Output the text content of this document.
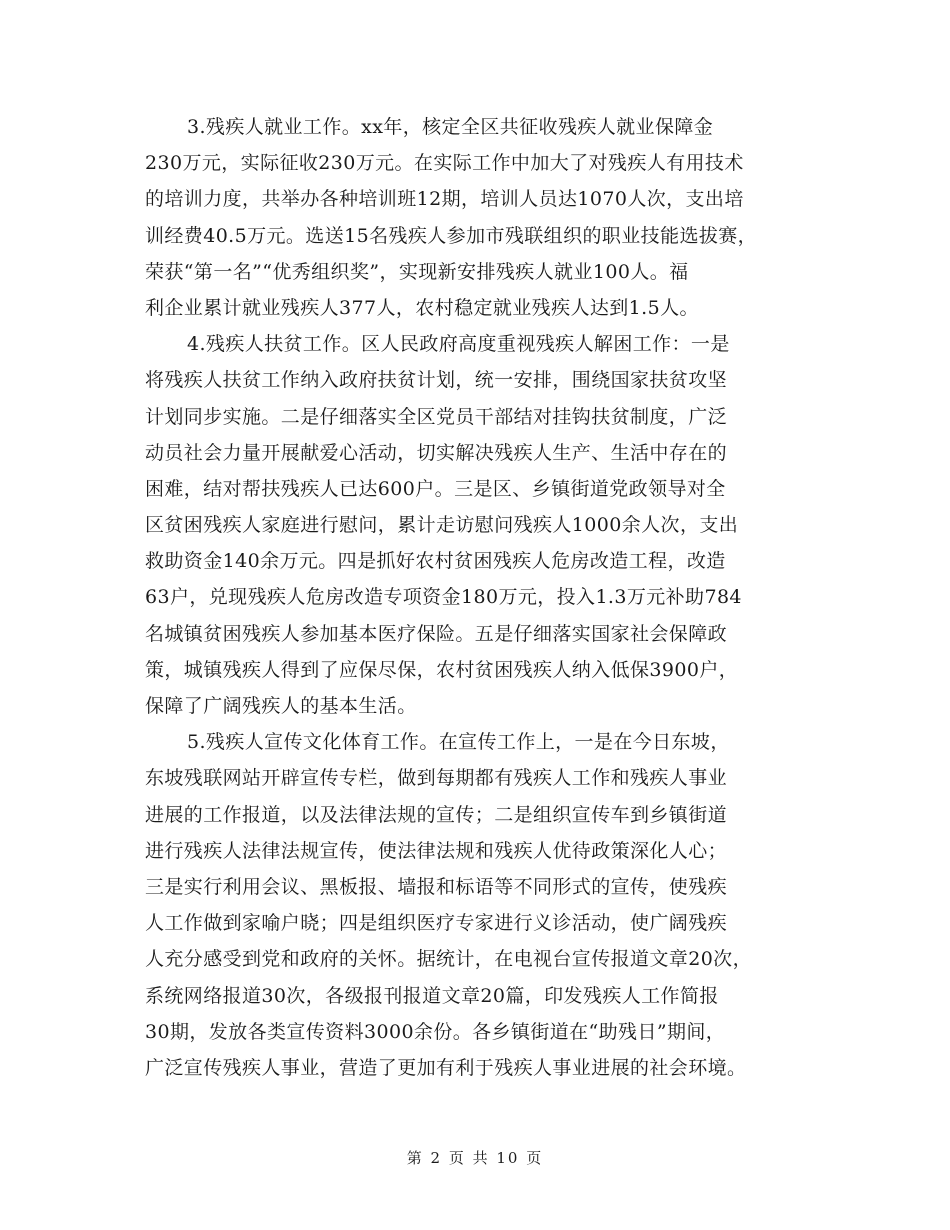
3.残疾人就业工作。xx年，核定全区共征收残疾人就业保障金
230万元，实际征收230万元。在实际工作中加大了对残疾人有用技术
的培训力度，共举办各种培训班12期，培训人员达1070人次，支出培
训经费40.5万元。选送15名残疾人参加市残联组织的职业技能选拔赛，
荣获“第一名”“优秀组织奖”，实现新安排残疾人就业100人。福
利企业累计就业残疾人377人，农村稳定就业残疾人达到1.5人。
4.残疾人扶贫工作。区人民政府高度重视残疾人解困工作：一是
将残疾人扶贫工作纳入政府扶贫计划，统一安排，围绕国家扶贫攻坚
计划同步实施。二是仔细落实全区党员干部结对挂钩扶贫制度，广泛
动员社会力量开展献爱心活动，切实解决残疾人生产、生活中存在的
困难，结对帮扶残疾人已达600户。三是区、乡镇街道党政领导对全
区贫困残疾人家庭进行慰问，累计走访慰问残疾人1000余人次，支出
救助资金140余万元。四是抓好农村贫困残疾人危房改造工程，改造
63户，兑现残疾人危房改造专项资金180万元，投入1.3万元补助784
名城镇贫困残疾人参加基本医疗保险。五是仔细落实国家社会保障政
策，城镇残疾人得到了应保尽保，农村贫困残疾人纳入低保3900户，
保障了广阔残疾人的基本生活。
5.残疾人宣传文化体育工作。在宣传工作上，一是在今日东坡，
东坡残联网站开辟宣传专栏，做到每期都有残疾人工作和残疾人事业
进展的工作报道，以及法律法规的宣传；二是组织宣传车到乡镇街道
进行残疾人法律法规宣传，使法律法规和残疾人优待政策深化人心；
三是实行利用会议、黑板报、墙报和标语等不同形式的宣传，使残疾
人工作做到家喻户晓；四是组织医疗专家进行义诊活动，使广阔残疾
人充分感受到党和政府的关怀。据统计，在电视台宣传报道文章20次，
系统网络报道30次，各级报刊报道文章20篇，印发残疾人工作简报
30期，发放各类宣传资料3000余份。各乡镇街道在“助残日”期间，
广泛宣传残疾人事业，营造了更加有利于残疾人事业进展的社会环境。
第 2 页 共 10 页
